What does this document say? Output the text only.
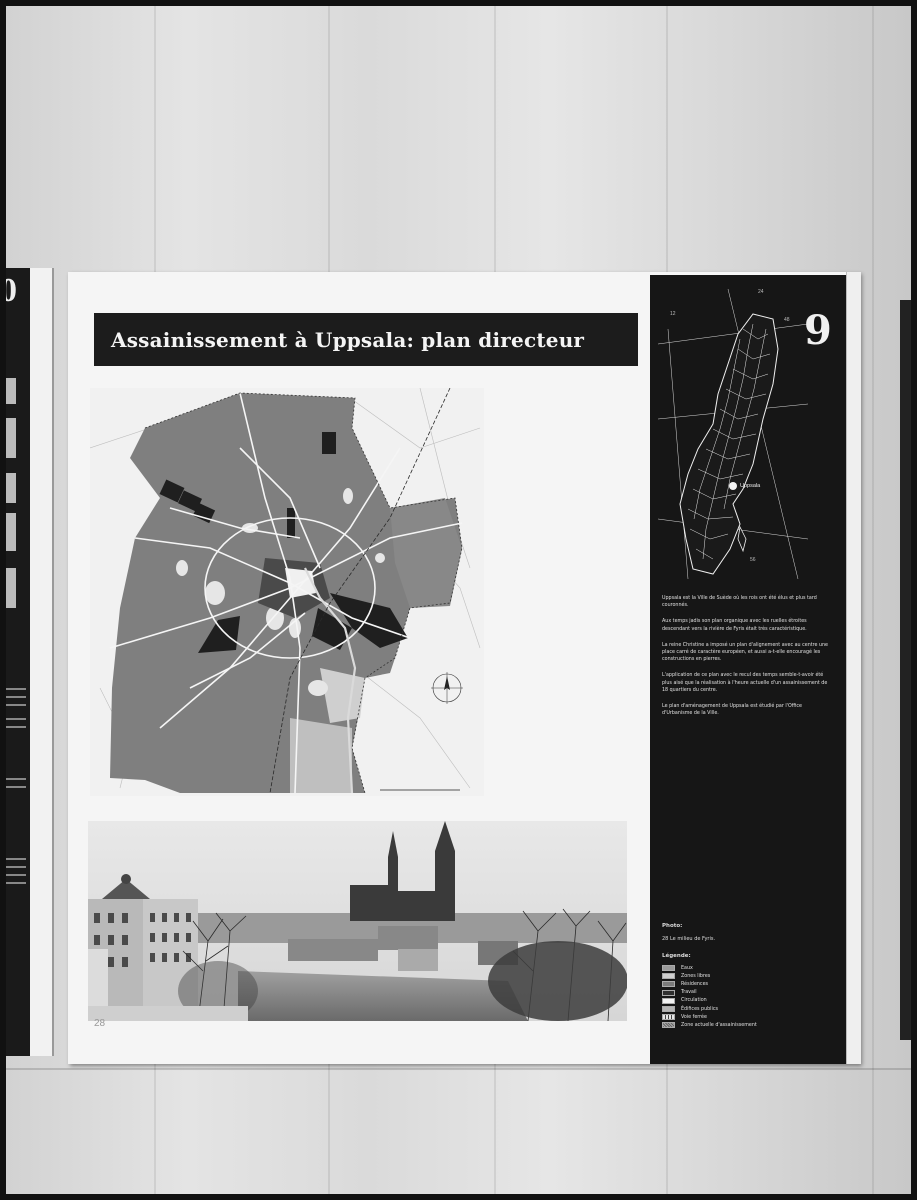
0
Assainissement à Uppsala: plan directeur
28
24
12
48
56
Uppsala
9

Uppsala est la Ville de Suède où les rois ont été élus et plus tard couronnés.

Aux temps jadis son plan organique avec les ruelles étroites descendant vers la rivière de Fyris était très caractéristique.

La reine Christine a imposé un plan d'alignement avec au centre une place carré de caractère européen, et aussi a-t-elle encouragé les constructions en pierres.

L'application de ce plan avec le recul des temps semble-t-avoir été plus aisé que la réalisation à l'heure actuelle d'un assainissement de 18 quartiers du centre.

Le plan d'aménagement de Uppsala est étudié par l'Office d'Urbanisme de la Ville.

Photo:
28 Le milieu de Fyris.
Légende:
Eaux
Zones libres
Résidences
Travail
Circulation
Édifices publics
Voie ferrée
Zone actuelle d'assainissement
